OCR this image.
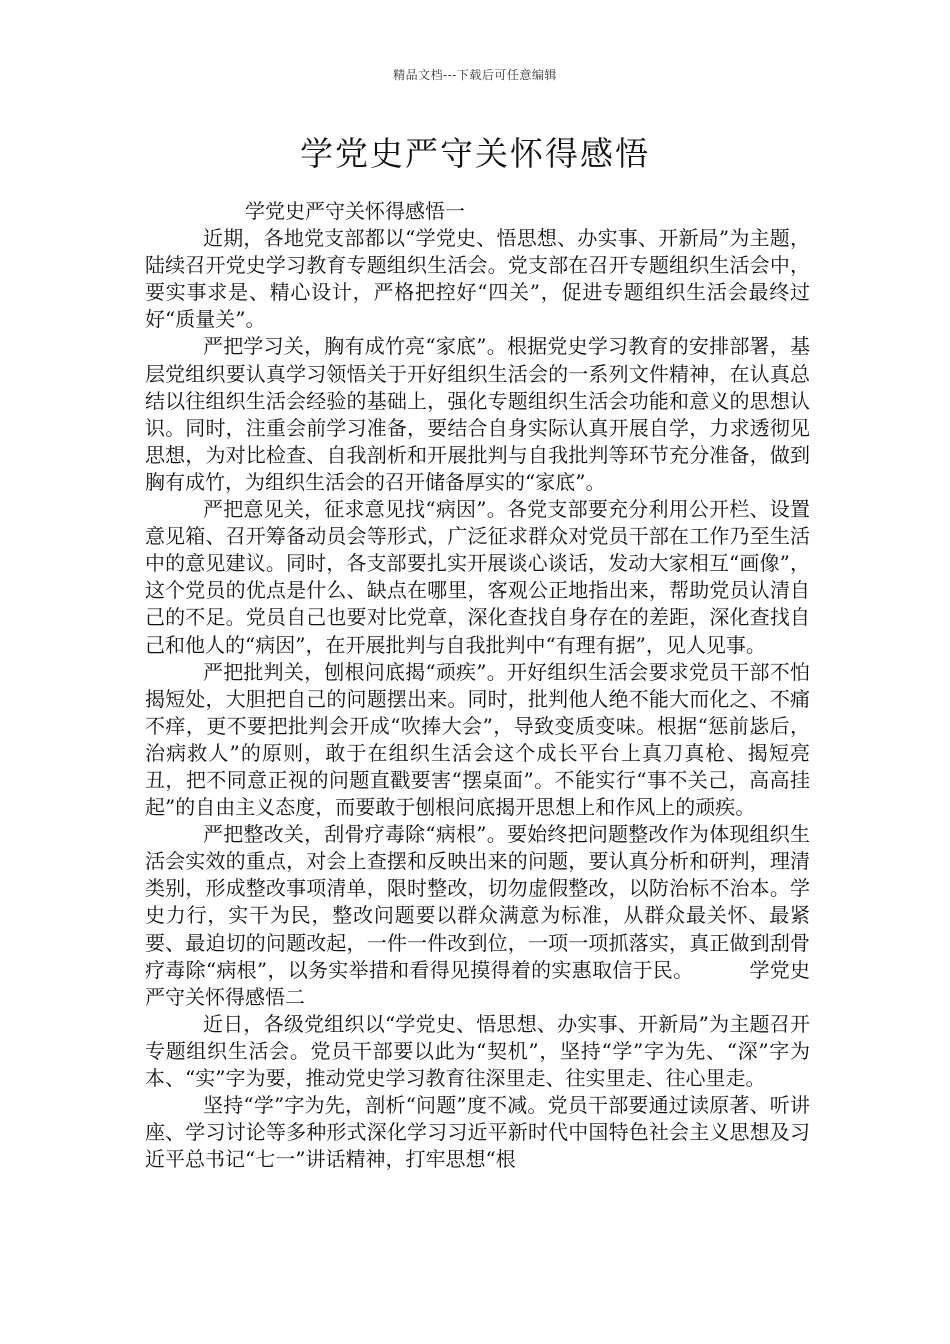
精品文档---下载后可任意编辑
学党史严守关怀得感悟

学党史严守关怀得感悟一

近期，各地党支部都以“学党史、悟思想、办实事、开新局”为主题，陆续召开党史学习教育专题组织生活会。党支部在召开专题组织生活会中，要实事求是、精心设计，严格把控好“四关”，促进专题组织生活会最终过好“质量关”。

严把学习关，胸有成竹亮“家底”。根据党史学习教育的安排部署，基层党组织要认真学习领悟关于开好组织生活会的一系列文件精神，在认真总结以往组织生活会经验的基础上，强化专题组织生活会功能和意义的思想认识。同时，注重会前学习准备，要结合自身实际认真开展自学，力求透彻见思想，为对比检查、自我剖析和开展批判与自我批判等环节充分准备，做到胸有成竹，为组织生活会的召开储备厚实的“家底”。

严把意见关，征求意见找“病因”。各党支部要充分利用公开栏、设置意见箱、召开筹备动员会等形式，广泛征求群众对党员干部在工作乃至生活中的意见建议。同时，各支部要扎实开展谈心谈话，发动大家相互“画像”，这个党员的优点是什么、缺点在哪里，客观公正地指出来，帮助党员认清自己的不足。党员自己也要对比党章，深化查找自身存在的差距，深化查找自己和他人的“病因”，在开展批判与自我批判中“有理有据”，见人见事。

严把批判关，刨根问底揭“顽疾”。开好组织生活会要求党员干部不怕揭短处，大胆把自己的问题摆出来。同时，批判他人绝不能大而化之、不痛不痒，更不要把批判会开成“吹捧大会”，导致变质变味。根据“惩前毖后，治病救人”的原则，敢于在组织生活会这个成长平台上真刀真枪、揭短亮丑，把不同意正视的问题直戳要害“摆桌面”。不能实行“事不关己，高高挂起”的自由主义态度，而要敢于刨根问底揭开思想上和作风上的顽疾。

严把整改关，刮骨疗毒除“病根”。要始终把问题整改作为体现组织生活会实效的重点，对会上查摆和反映出来的问题，要认真分析和研判，理清类别，形成整改事项清单，限时整改，切勿虚假整改，以防治标不治本。学史力行，实干为民，整改问题要以群众满意为标准，从群众最关怀、最紧要、最迫切的问题改起，一件一件改到位，一项一项抓落实，真正做到刮骨疗毒除“病根”，以务实举措和看得见摸得着的实惠取信于民。	学党史严守关怀得感悟二

近日，各级党组织以“学党史、悟思想、办实事、开新局”为主题召开专题组织生活会。党员干部要以此为“契机”，坚持“学”字为先、“深”字为本、“实”字为要，推动党史学习教育往深里走、往实里走、往心里走。

坚持“学”字为先，剖析“问题”度不减。党员干部要通过读原著、听讲座、学习讨论等多种形式深化学习习近平新时代中国特色社会主义思想及习近平总书记“七一”讲话精神，打牢思想“根
